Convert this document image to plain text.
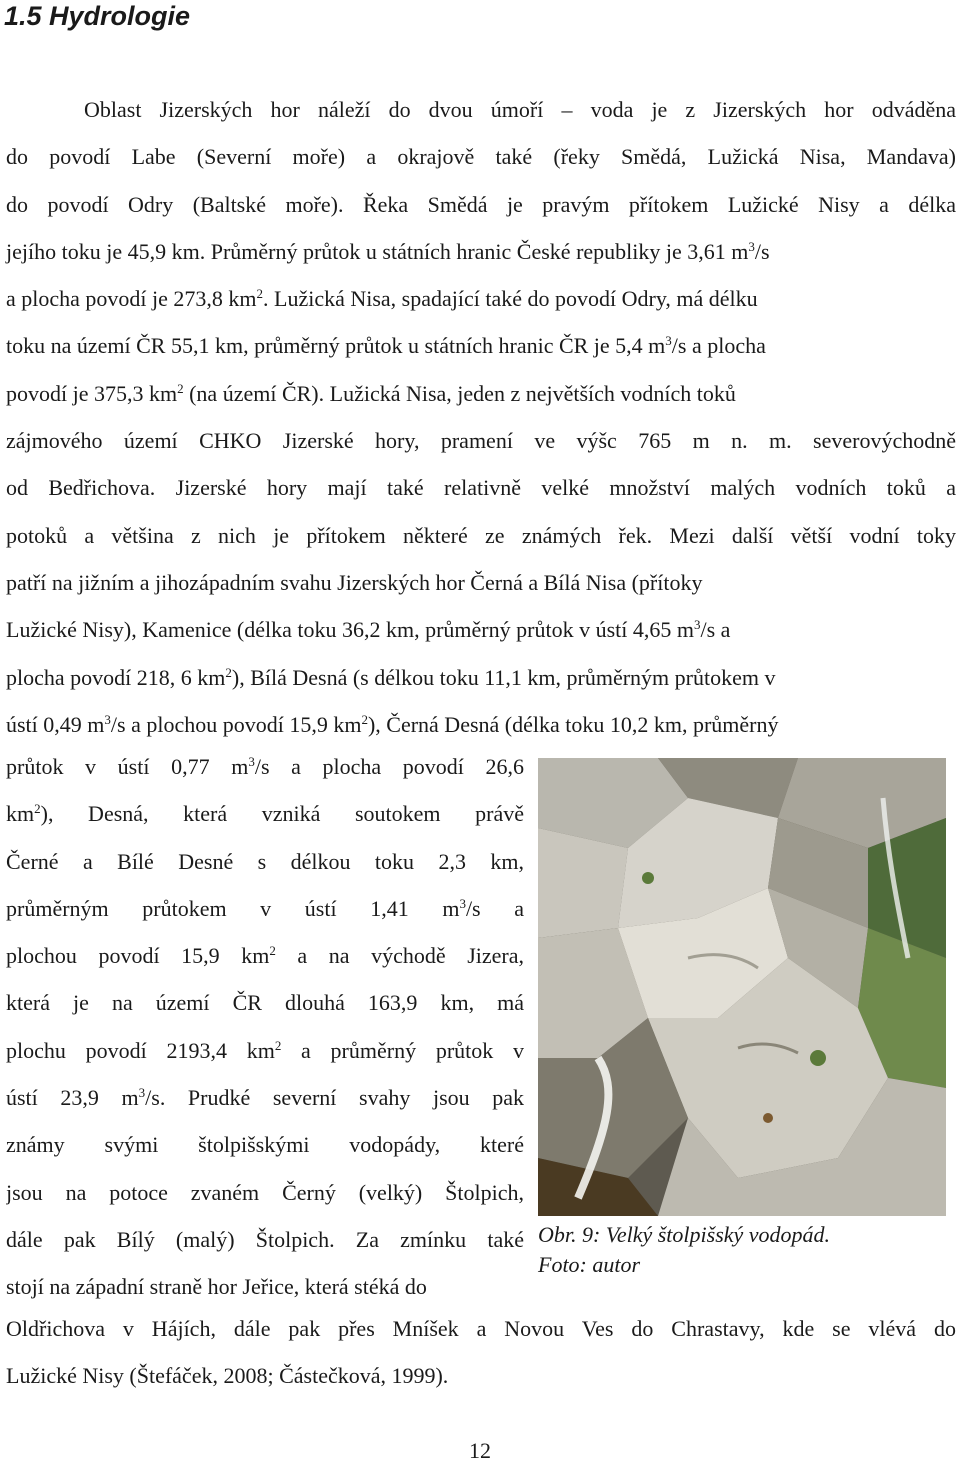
1.5 Hydrologie
Oblast Jizerských hor náleží do dvou úmoří – voda je z Jizerských hor odváděna
do povodí Labe (Severní moře) a okrajově také (řeky Smědá, Lužická Nisa, Mandava)
do povodí Odry (Baltské moře). Řeka Smědá je pravým přítokem Lužické Nisy a délka
jejího toku je 45,9 km. Průměrný průtok u státních hranic České republiky je 3,61 $m^3/s$
a plocha povodí je 273,8 $km^2$. Lužická Nisa, spadající také do povodí Odry, má délku
toku na území ČR 55,1 km, průměrný průtok u státních hranic ČR je 5,4 $m^3/s$ a plocha
povodí je 375,3 $km^2$ (na území ČR). Lužická Nisa, jeden z největších vodních toků
zájmového území CHKO Jizerské hory, pramení ve výšc 765 m n. m. severovýchodně
od Bedřichova. Jizerské hory mají také relativně velké množství malých vodních toků a
potoků a většina z nich je přítokem některé ze známých řek. Mezi další větší vodní toky
patří na jižním a jihozápadním svahu Jizerských hor Černá a Bílá Nisa (přítoky
Lužické Nisy), Kamenice (délka toku 36,2 km, průměrný průtok v ústí 4,65 $m^3/s$ a
plocha povodí 218, 6 $km^2$), Bílá Desná (s délkou toku 11,1 km, průměrným průtokem v
ústí 0,49 $m^3/s$ a plochou povodí 15,9 $km^2$), Černá Desná (délka toku 10,2 km, průměrný
průtok v ústí 0,77 $m^3/s$ a plocha povodí 26,6
$km^2$), Desná, která vzniká soutokem právě
Černé a Bílé Desné s délkou toku 2,3 km,
průměrným průtokem v ústí 1,41 $m^3/s$ a
plochou povodí 15,9 $km^2$ a na východě Jizera,
která je na území ČR dlouhá 163,9 km, má
plochu povodí 2193,4 $km^2$ a průměrný průtok v
ústí 23,9 $m^3/s$. Prudké severní svahy jsou pak
známy svými štolpišskými vodopády, které
jsou na potoce zvaném Černý (velký) Štolpich,
dále pak Bílý (malý) Štolpich. Za zmínku také
stojí na západní straně hor Jeřice, která stéká do
Oldřichova v Hájích, dále pak přes Mníšek a Novou Ves do Chrastavy, kde se vlévá do
Lužické Nisy (Štefáček, 2008; Částečková, 1999).
Obr. 9: Velký štolpišský vodopád.
Foto: autor
12
